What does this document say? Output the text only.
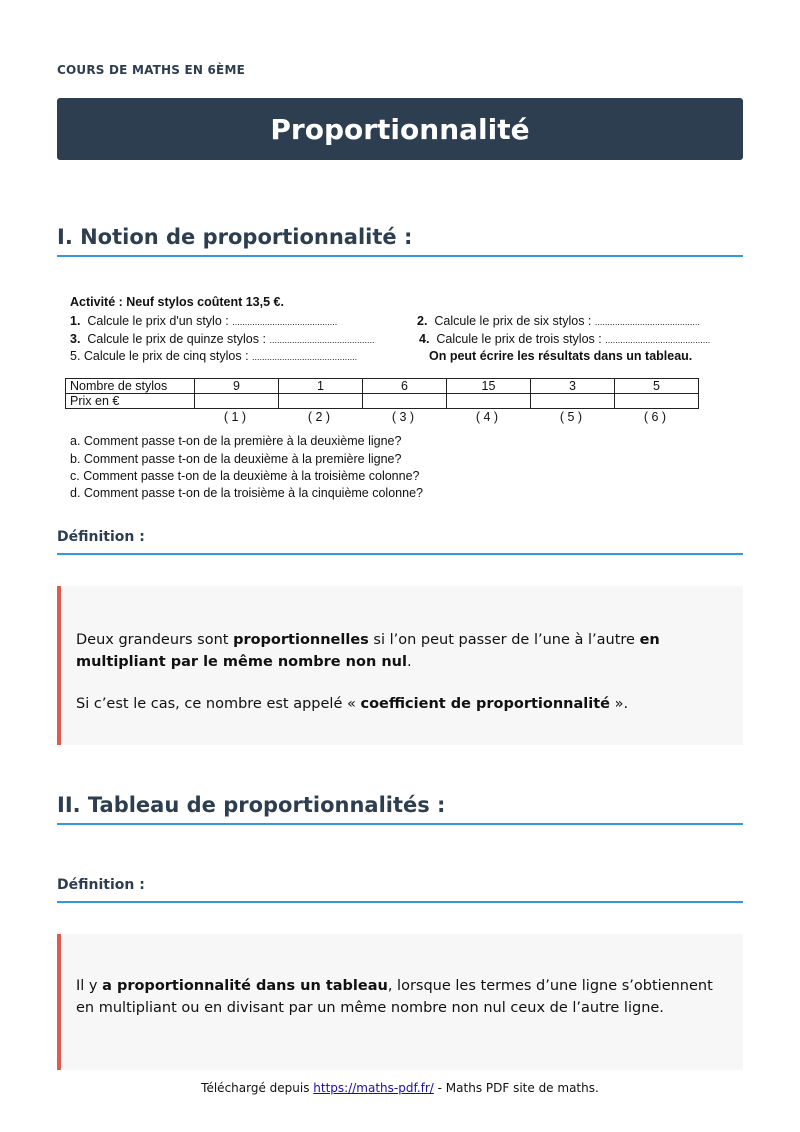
COURS DE MATHS EN 6ÈME
Proportionnalité
I. Notion de proportionnalité :
Activité : Neuf stylos coûtent 13,5 €.
1. Calcule le prix d'un stylo : ..........................................	2. Calcule le prix de six stylos : ..........................................
3. Calcule le prix de quinze stylos : ..........................................	4. Calcule le prix de trois stylos : ..........................................
5. Calcule le prix de cinq stylos : ..........................................	On peut écrire les résultats dans un tableau.
Nombre de stylos	9	1	6	15	3	5
Prix en €						
( 1 )	( 2 )	( 3 )	( 4 )	( 5 )	( 6 )
a. Comment passe t-on de la première à la deuxième ligne?
b. Comment passe t-on de la deuxième à la première ligne?
c. Comment passe t-on de la deuxième à la troisième colonne?
d. Comment passe t-on de la troisième à la cinquième colonne?
Définition :

Deux grandeurs sont proportionnelles si l’on peut passer de l’une à l’autre en multipliant par le même nombre non nul.

Si c’est le cas, ce nombre est appelé « coefficient de proportionnalité ».

II. Tableau de proportionnalités :
Définition :

Il y a proportionnalité dans un tableau, lorsque les termes d’une ligne s’obtiennent en multipliant ou en divisant par un même nombre non nul ceux de l’autre ligne.

Téléchargé depuis https://maths-pdf.fr/ - Maths PDF site de maths.
